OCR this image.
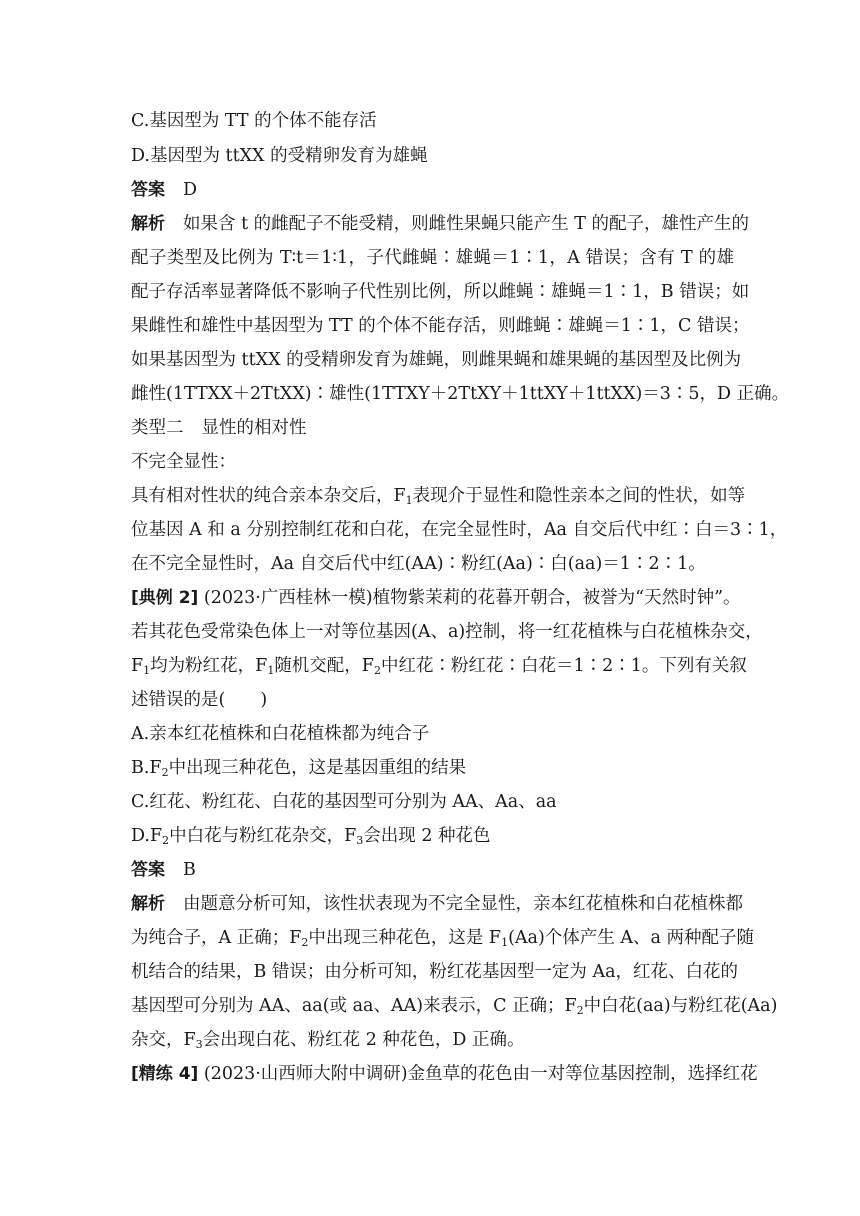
C.基因型为 TT 的个体不能存活
D.基因型为 ttXX 的受精卵发育为雄蝇
答案 D
解析 如果含 t 的雌配子不能受精，则雌性果蝇只能产生 T 的配子，雄性产生的
配子类型及比例为 T∶t＝1∶1，子代雌蝇∶雄蝇＝1∶1，A 错误；含有 T 的雄
配子存活率显著降低不影响子代性别比例，所以雌蝇∶雄蝇＝1∶1，B 错误；如
果雌性和雄性中基因型为 TT 的个体不能存活，则雌蝇∶雄蝇＝1∶1，C 错误；
如果基因型为 ttXX 的受精卵发育为雄蝇，则雌果蝇和雄果蝇的基因型及比例为
雌性(1TTXX＋2TtXX)∶雄性(1TTXY＋2TtXY＋1ttXY＋1ttXX)＝3∶5，D 正确。
类型二 显性的相对性
不完全显性：
具有相对性状的纯合亲本杂交后，$F_1$表现介于显性和隐性亲本之间的性状，如等
位基因 A 和 a 分别控制红花和白花，在完全显性时，Aa 自交后代中红∶白＝3∶1，
在不完全显性时，Aa 自交后代中红(AA)∶粉红(Aa)∶白(aa)＝1∶2∶1。
[典例 2] (2023·广西桂林一模)植物紫茉莉的花暮开朝合，被誉为“天然时钟”。
若其花色受常染色体上一对等位基因(A、a)控制，将一红花植株与白花植株杂交，
$F_1$均为粉红花，$F_1$随机交配，$F_2$中红花∶粉红花∶白花＝1∶2∶1。下列有关叙
述错误的是(　　)
A.亲本红花植株和白花植株都为纯合子
$B.F_2$中出现三种花色，这是基因重组的结果
C.红花、粉红花、白花的基因型可分别为 AA、Aa、aa
$D.F_2$中白花与粉红花杂交，$F_3$会出现 2 种花色
答案 B
解析 由题意分析可知，该性状表现为不完全显性，亲本红花植株和白花植株都
为纯合子，A 正确；$F_2$中出现三种花色，这是 $F_1(Aa)$个体产生 A、a 两种配子随
机结合的结果，B 错误；由分析可知，粉红花基因型一定为 Aa，红花、白花的
基因型可分别为 AA、aa(或 aa、AA)来表示，C 正确；$F_2$中白花(aa)与粉红花(Aa)
杂交，$F_3$会出现白花、粉红花 2 种花色，D 正确。
[精练 4] (2023·山西师大附中调研)金鱼草的花色由一对等位基因控制，选择红花
